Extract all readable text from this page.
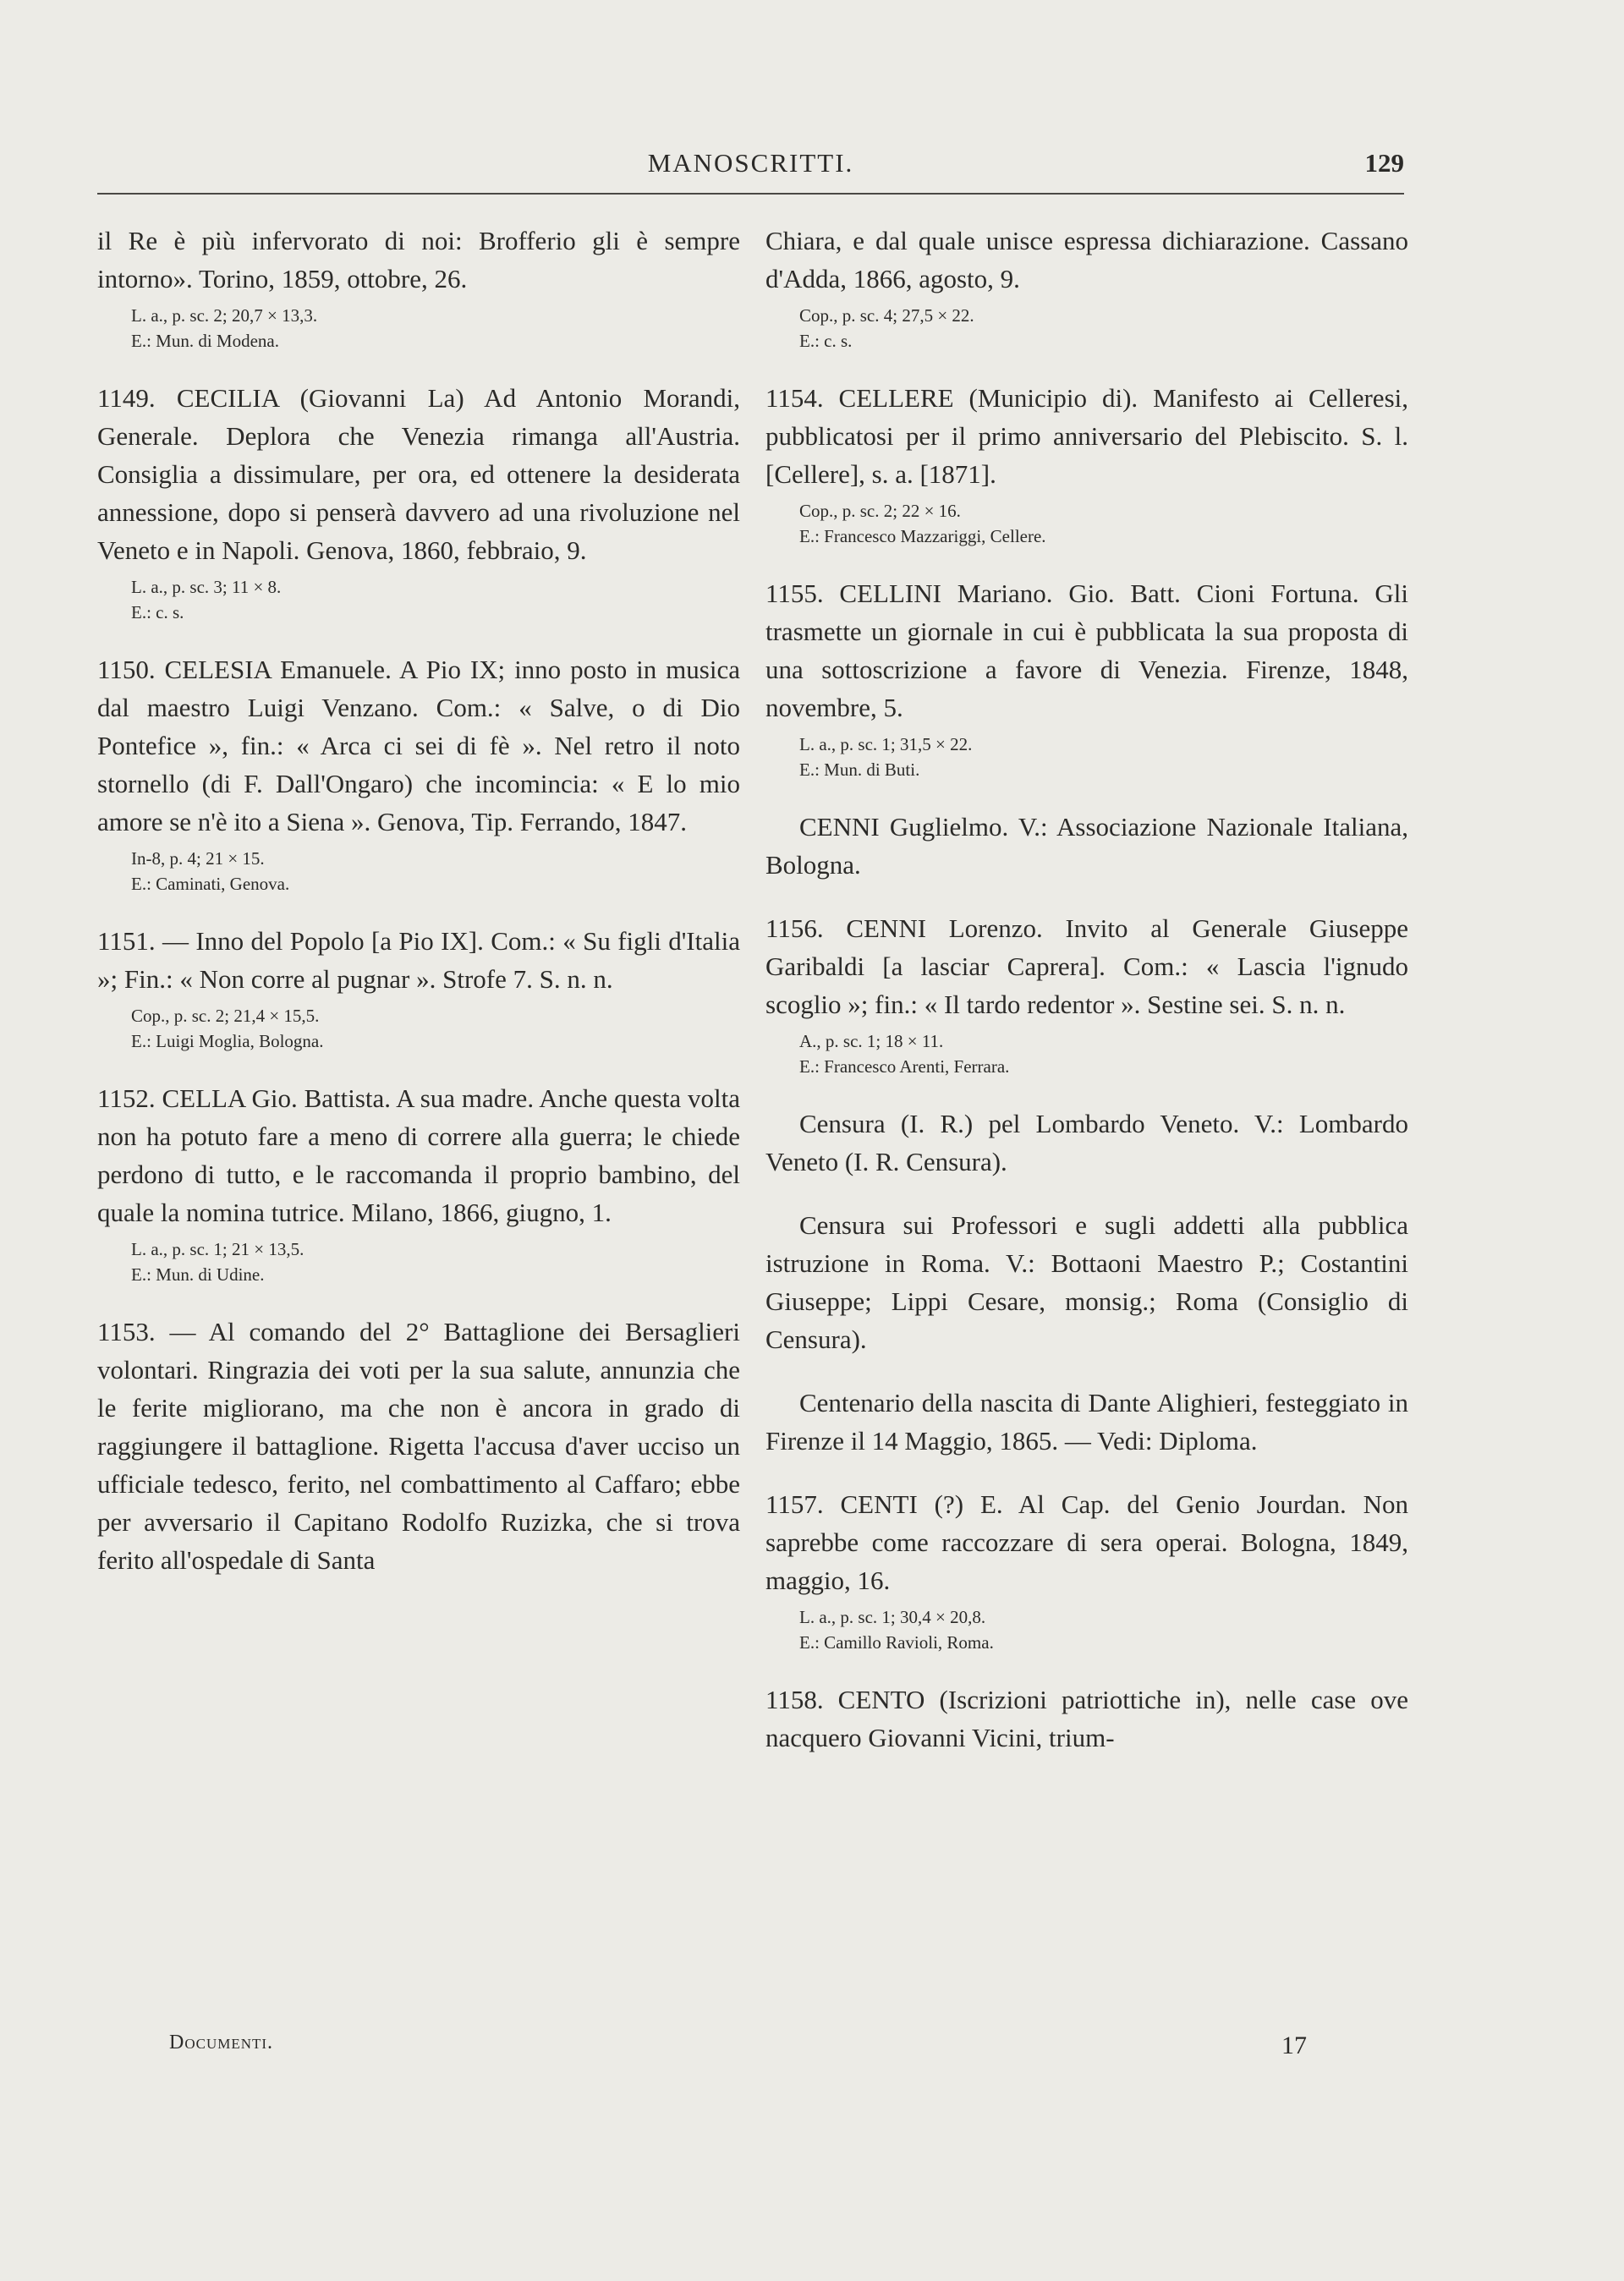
MANOSCRITTI.	129

il Re è più infervorato di noi: Brofferio gli è sempre intorno». Torino, 1859, ottobre, 26.

L. a., p. sc. 2; 20,7 × 13,3.
E.: Mun. di Modena.

1149. CECILIA (Giovanni La) Ad Antonio Morandi, Generale. Deplora che Venezia rimanga all'Austria. Consiglia a dissimulare, per ora, ed ottenere la desiderata annessione, dopo si penserà davvero ad una rivoluzione nel Veneto e in Napoli. Genova, 1860, febbraio, 9.

L. a., p. sc. 3; 11 × 8.
E.: c. s.

1150. CELESIA Emanuele. A Pio IX; inno posto in musica dal maestro Luigi Venzano. Com.: « Salve, o di Dio Pontefice », fin.: « Arca ci sei di fè ». Nel retro il noto stornello (di F. Dall'Ongaro) che incomincia: « E lo mio amore se n'è ito a Siena ». Genova, Tip. Ferrando, 1847.

In-8, p. 4; 21 × 15.
E.: Caminati, Genova.

1151. — Inno del Popolo [a Pio IX]. Com.: « Su figli d'Italia »; Fin.: « Non corre al pugnar ». Strofe 7. S. n. n.

Cop., p. sc. 2; 21,4 × 15,5.
E.: Luigi Moglia, Bologna.

1152. CELLA Gio. Battista. A sua madre. Anche questa volta non ha potuto fare a meno di correre alla guerra; le chiede perdono di tutto, e le raccomanda il proprio bambino, del quale la nomina tutrice. Milano, 1866, giugno, 1.

L. a., p. sc. 1; 21 × 13,5.
E.: Mun. di Udine.

1153. — Al comando del 2° Battaglione dei Bersaglieri volontari. Ringrazia dei voti per la sua salute, annunzia che le ferite migliorano, ma che non è ancora in grado di raggiungere il battaglione. Rigetta l'accusa d'aver ucciso un ufficiale tedesco, ferito, nel combattimento al Caffaro; ebbe per avversario il Capitano Rodolfo Ruzizka, che si trova ferito all'ospedale di Santa

Chiara, e dal quale unisce espressa dichiarazione. Cassano d'Adda, 1866, agosto, 9.

Cop., p. sc. 4; 27,5 × 22.
E.: c. s.

1154. CELLERE (Municipio di). Manifesto ai Celleresi, pubblicatosi per il primo anniversario del Plebiscito. S. l. [Cellere], s. a. [1871].

Cop., p. sc. 2; 22 × 16.
E.: Francesco Mazzariggi, Cellere.

1155. CELLINI Mariano. Gio. Batt. Cioni Fortuna. Gli trasmette un giornale in cui è pubblicata la sua proposta di una sottoscrizione a favore di Venezia. Firenze, 1848, novembre, 5.

L. a., p. sc. 1; 31,5 × 22.
E.: Mun. di Buti.

CENNI Guglielmo. V.: Associazione Nazionale Italiana, Bologna.

1156. CENNI Lorenzo. Invito al Generale Giuseppe Garibaldi [a lasciar Caprera]. Com.: « Lascia l'ignudo scoglio »; fin.: « Il tardo redentor ». Sestine sei. S. n. n.

A., p. sc. 1; 18 × 11.
E.: Francesco Arenti, Ferrara.

Censura (I. R.) pel Lombardo Veneto. V.: Lombardo Veneto (I. R. Censura).

Censura sui Professori e sugli addetti alla pubblica istruzione in Roma. V.: Bottaoni Maestro P.; Costantini Giuseppe; Lippi Cesare, monsig.; Roma (Consiglio di Censura).

Centenario della nascita di Dante Alighieri, festeggiato in Firenze il 14 Maggio, 1865. — Vedi: Diploma.

1157. CENTI (?) E. Al Cap. del Genio Jourdan. Non saprebbe come raccozzare di sera operai. Bologna, 1849, maggio, 16.

L. a., p. sc. 1; 30,4 × 20,8.
E.: Camillo Ravioli, Roma.

1158. CENTO (Iscrizioni patriottiche in), nelle case ove nacquero Giovanni Vicini, trium-

Documenti.	17
